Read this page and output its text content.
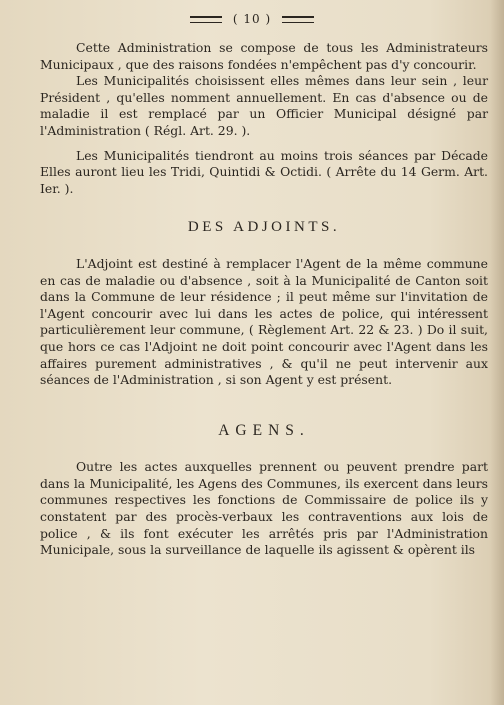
( 10 )

Cette Administration se compose de tous les Administrateurs Municipaux , que des raisons fondées n'empêchent pas d'y concourir.

Les Municipalités choisissent elles mêmes dans leur sein , leur Président , qu'elles nomment annuellement. En cas d'absence ou de maladie il est remplacé par un Officier Municipal désigné par l'Administration ( Régl. Art. 29. ).

Les Municipalités tiendront au moins trois séances par Décade Elles auront lieu les Tridi, Quintidi & Octidi. ( Arrête du 14 Germ. Art. Ier. ).

DES ADJOINTS.

L'Adjoint est destiné à remplacer l'Agent de la même commune en cas de maladie ou d'absence , soit à la Municipalité de Canton soit dans la Commune de leur résidence ; il peut même sur l'invitation de l'Agent concourir avec lui dans les actes de police, qui intéressent particulièrement leur commune, ( Règlement Art. 22 & 23. ) Do il suit, que hors ce cas l'Adjoint ne doit point concourir avec l'Agent dans les affaires purement administratives , & qu'il ne peut intervenir aux séances de l'Administration , si son Agent y est présent.

AGENS.

Outre les actes auxquelles prennent ou peuvent prendre part dans la Municipalité, les Agens des Communes, ils exercent dans leurs communes respectives les fonctions de Commissaire de police ils y constatent par des procès-verbaux les contraventions aux lois de police , & ils font exécuter les arrêtés pris par l'Administration Municipale, sous la surveillance de laquelle ils agissent & opèrent ils
